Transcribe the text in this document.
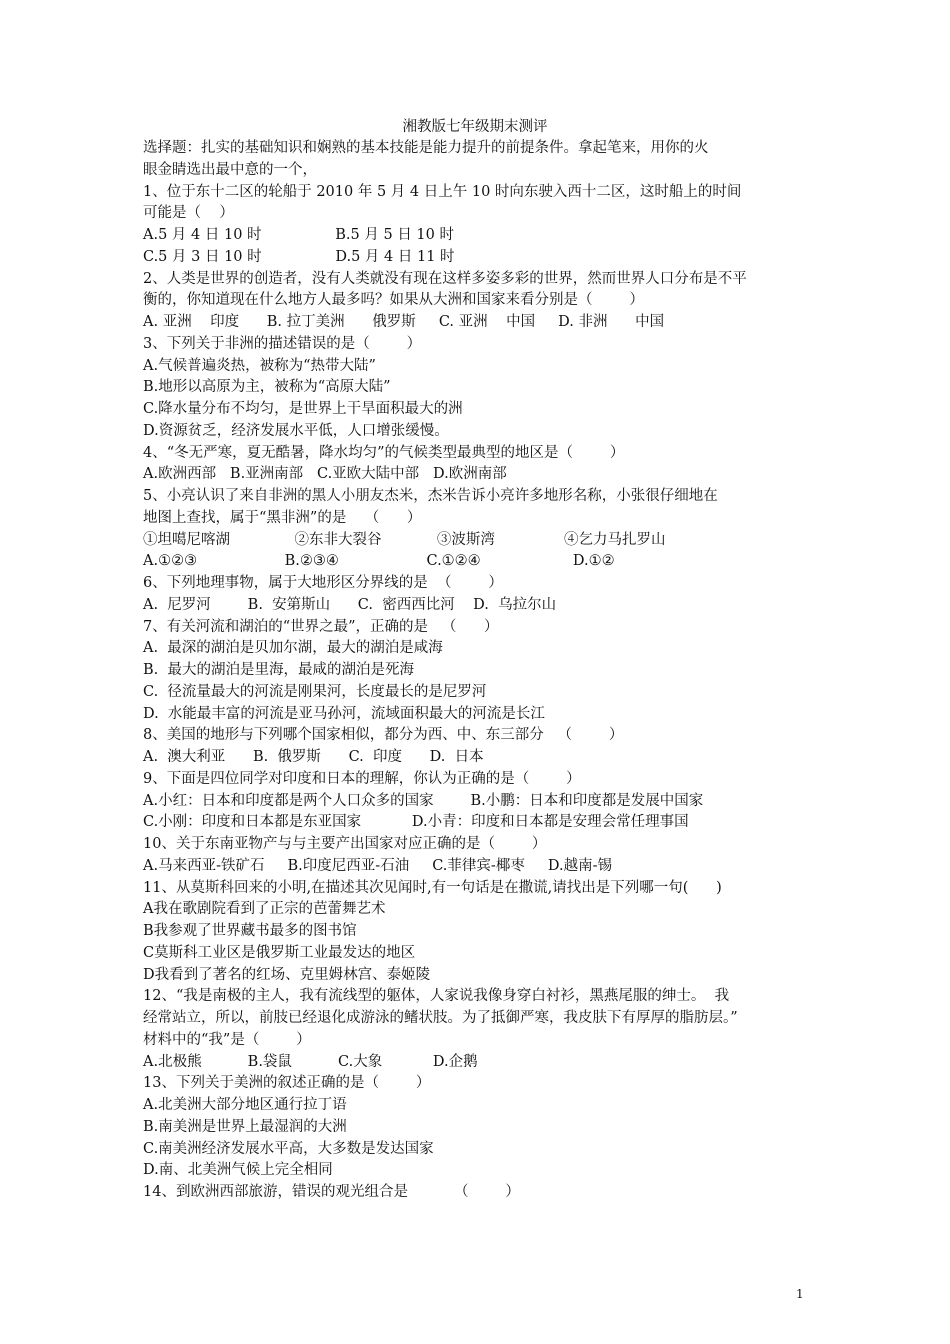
湘教版七年级期末测评
选择题：扎实的基础知识和娴熟的基本技能是能力提升的前提条件。拿起笔来，用你的火
眼金睛选出最中意的一个，
1、位于东十二区的轮船于 2010 年 5 月 4 日上午 10 时向东驶入西十二区，这时船上的时间
可能是（    ）
A.5 月 4 日 10 时                B.5 月 5 日 10 时
C.5 月 3 日 10 时                D.5 月 4 日 11 时
2、人类是世界的创造者，没有人类就没有现在这样多姿多彩的世界，然而世界人口分布是不平
衡的，你知道现在什么地方人最多吗？如果从大洲和国家来看分别是（        ）
A. 亚洲    印度      B. 拉丁美洲      俄罗斯     C. 亚洲    中国     D. 非洲      中国
3、下列关于非洲的描述错误的是（        ）
A.气候普遍炎热，被称为“热带大陆”
B.地形以高原为主，被称为“高原大陆”
C.降水量分布不均匀，是世界上干旱面积最大的洲
D.资源贫乏，经济发展水平低，人口增张缓慢。
4、“冬无严寒，夏无酷暑，降水均匀”的气候类型最典型的地区是（        ）
A.欧洲西部   B.亚洲南部   C.亚欧大陆中部   D.欧洲南部
5、小亮认识了来自非洲的黑人小朋友杰米，杰米告诉小亮许多地形名称，小张很仔细地在
地图上查找，属于“黑非洲”的是    （      ）
①坦噶尼喀湖              ②东非大裂谷            ③波斯湾               ④乞力马扎罗山
A.①②③                   B.②③④                   C.①②④                    D.①②
6、下列地理事物，属于大地形区分界线的是  （        ）
A.  尼罗河        B.  安第斯山      C.  密西西比河    D.  乌拉尔山
7、有关河流和湖泊的“世界之最”，正确的是   （      ）
A.  最深的湖泊是贝加尔湖，最大的湖泊是咸海
B.  最大的湖泊是里海，最咸的湖泊是死海
C.  径流量最大的河流是刚果河，长度最长的是尼罗河
D.  水能最丰富的河流是亚马孙河，流域面积最大的河流是长江
8、美国的地形与下列哪个国家相似，都分为西、中、东三部分   （        ）
A.  澳大利亚      B.  俄罗斯      C.  印度      D.  日本
9、下面是四位同学对印度和日本的理解，你认为正确的是（        ）
A.小红：日本和印度都是两个人口众多的国家        B.小鹏：日本和印度都是发展中国家
C.小刚：印度和日本都是东亚国家           D.小青：印度和日本都是安理会常任理事国
10、关于东南亚物产与与主要产出国家对应正确的是（        ）
A.马来西亚-铁矿石     B.印度尼西亚-石油     C.菲律宾-椰枣     D.越南-锡
11、从莫斯科回来的小明,在描述其次见闻时,有一句话是在撒谎,请找出是下列哪一句(      )
A我在歌剧院看到了正宗的芭蕾舞艺术
B我参观了世界藏书最多的图书馆
C莫斯科工业区是俄罗斯工业最发达的地区
D我看到了著名的红场、克里姆林宫、泰姬陵
12、“我是南极的主人，我有流线型的躯体，人家说我像身穿白衬衫，黑燕尾服的绅士。  我
经常站立，所以，前肢已经退化成游泳的鳍状肢。为了抵御严寒，我皮肤下有厚厚的脂肪层。”
材料中的“我”是（        ）
A.北极熊          B.袋鼠          C.大象           D.企鹅
13、下列关于美洲的叙述正确的是（        ）
A.北美洲大部分地区通行拉丁语
B.南美洲是世界上最湿润的大洲
C.南美洲经济发展水平高，大多数是发达国家
D.南、北美洲气候上完全相同
14、到欧洲西部旅游，错误的观光组合是          （        ）
1
